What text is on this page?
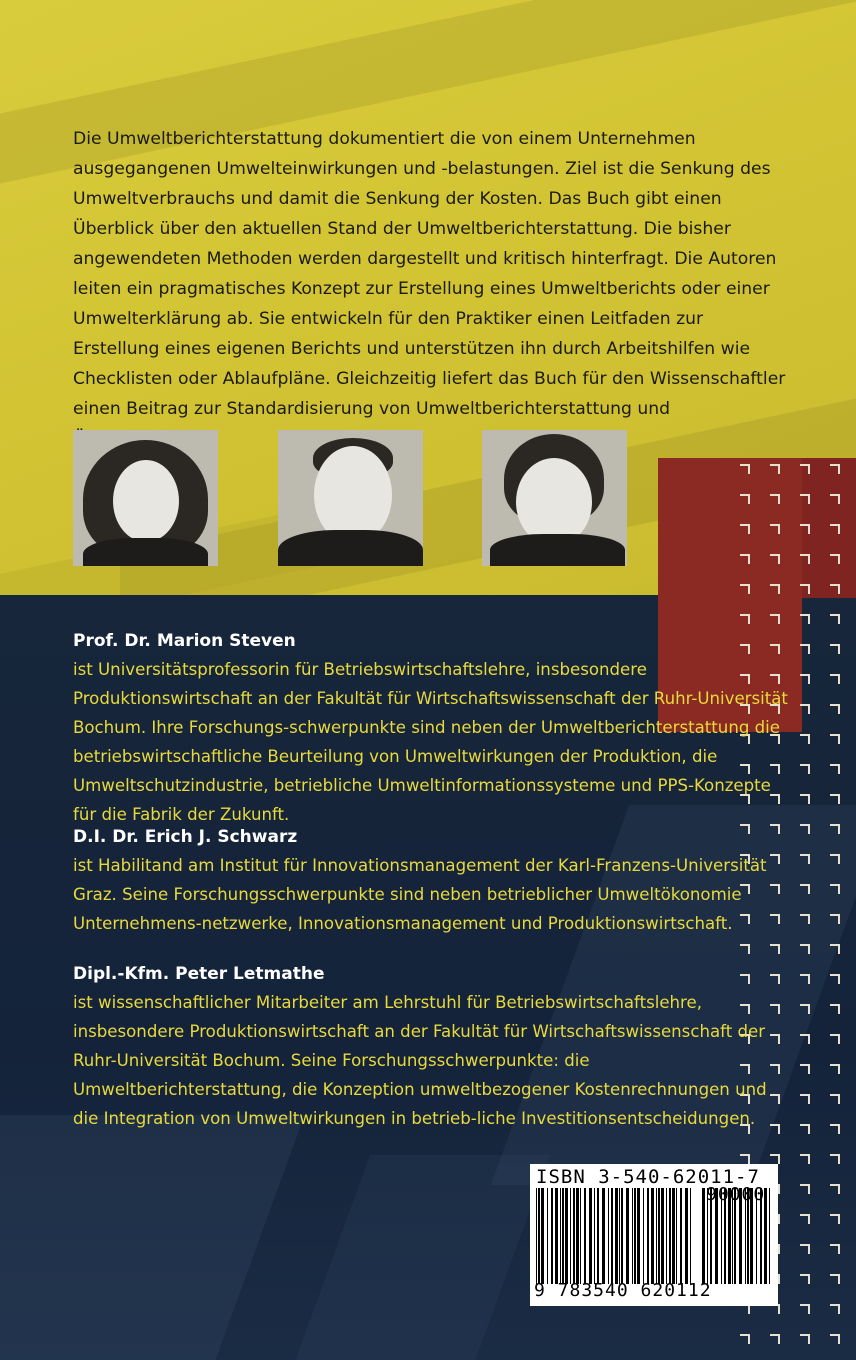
Die Umweltberichterstattung dokumentiert die von einem Unternehmen ausgegangenen Umwelteinwirkungen und -belastungen. Ziel ist die Senkung des Umweltverbrauchs und damit die Senkung der Kosten. Das Buch gibt einen Überblick über den aktuellen Stand der Umweltberichterstattung. Die bisher angewendeten Methoden werden dargestellt und kritisch hinterfragt. Die Autoren leiten ein pragmatisches Konzept zur Erstellung eines Umweltberichts oder einer Umwelterklärung ab. Sie entwickeln für den Praktiker einen Leitfaden zur Erstellung eines eigenen Berichts und unterstützen ihn durch Arbeitshilfen wie Checklisten oder Ablaufpläne. Gleichzeitig liefert das Buch für den Wissenschaftler einen Beitrag zur Standardisierung von Umweltberichterstattung und
Prof. Dr. Marion Steven
ist Universitätsprofessorin für Betriebswirtschaftslehre, insbesondere Produktionswirtschaft an der Fakultät für Wirtschaftswissenschaft der Ruhr-Universität Bochum. Ihre Forschungs-schwerpunkte sind neben der Umweltberichterstattung die betriebswirtschaftliche Beurteilung von Umweltwirkungen der Produktion, die Umweltschutzindustrie, betriebliche Umweltinformationssysteme und PPS-Konzepte für die Fabrik der Zukunft.
D.I. Dr. Erich J. Schwarz
ist Habilitand am Institut für Innovationsmanagement der Karl-Franzens-Universität Graz. Seine Forschungsschwerpunkte sind neben betrieblicher Umweltökonomie Unternehmens-netzwerke, Innovationsmanagement und Produktionswirtschaft.
Dipl.-Kfm. Peter Letmathe
ist wissenschaftlicher Mitarbeiter am Lehrstuhl für Betriebswirtschaftslehre, insbesondere Produktionswirtschaft an der Fakultät für Wirtschaftswissenschaft der Ruhr-Universität Bochum. Seine Forschungsschwerpunkte: die Umweltberichterstattung, die Konzeption umweltbezogener Kostenrechnungen und die Integration von Umweltwirkungen in betrieb-liche Investitionsentscheidungen.
ISBN 3-540-62011-7
90000
9 783540 620112
